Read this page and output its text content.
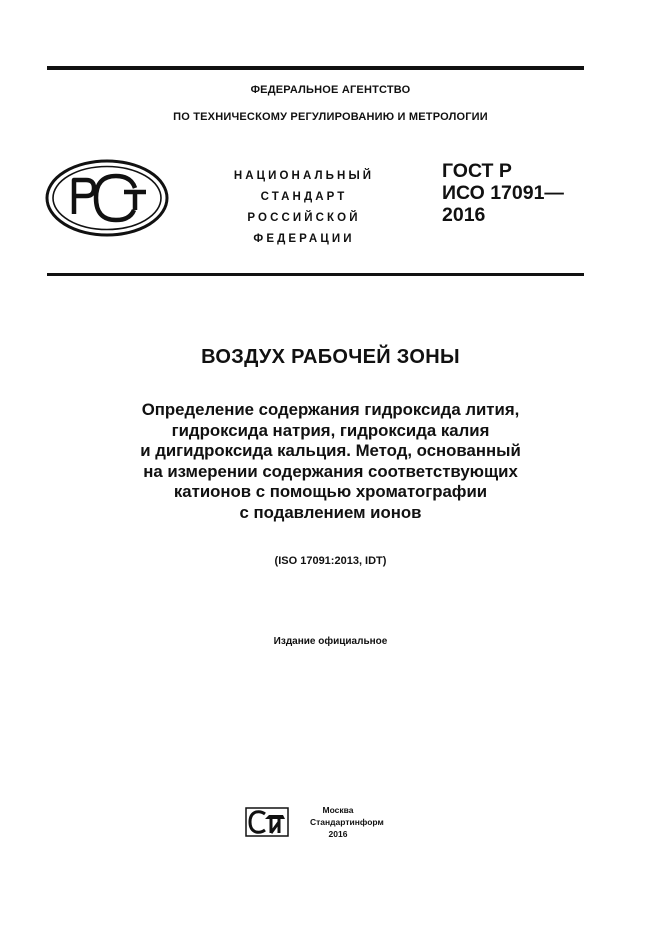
ФЕДЕРАЛЬНОЕ АГЕНТСТВО
ПО ТЕХНИЧЕСКОМУ РЕГУЛИРОВАНИЮ И МЕТРОЛОГИИ
НАЦИОНАЛЬНЫЙ
СТАНДАРТ
РОССИЙСКОЙ
ФЕДЕРАЦИИ
ГОСТ Р
ИСО 17091—
2016
ВОЗДУХ РАБОЧЕЙ ЗОНЫ
Определение содержания гидроксида лития,
гидроксида натрия, гидроксида калия
и дигидроксида кальция. Метод, основанный
на измерении содержания соответствующих
катионов с помощью хроматографии
с подавлением ионов
(ISO 17091:2013, IDT)
Издание официальное
Москва
Стандартинформ
2016
